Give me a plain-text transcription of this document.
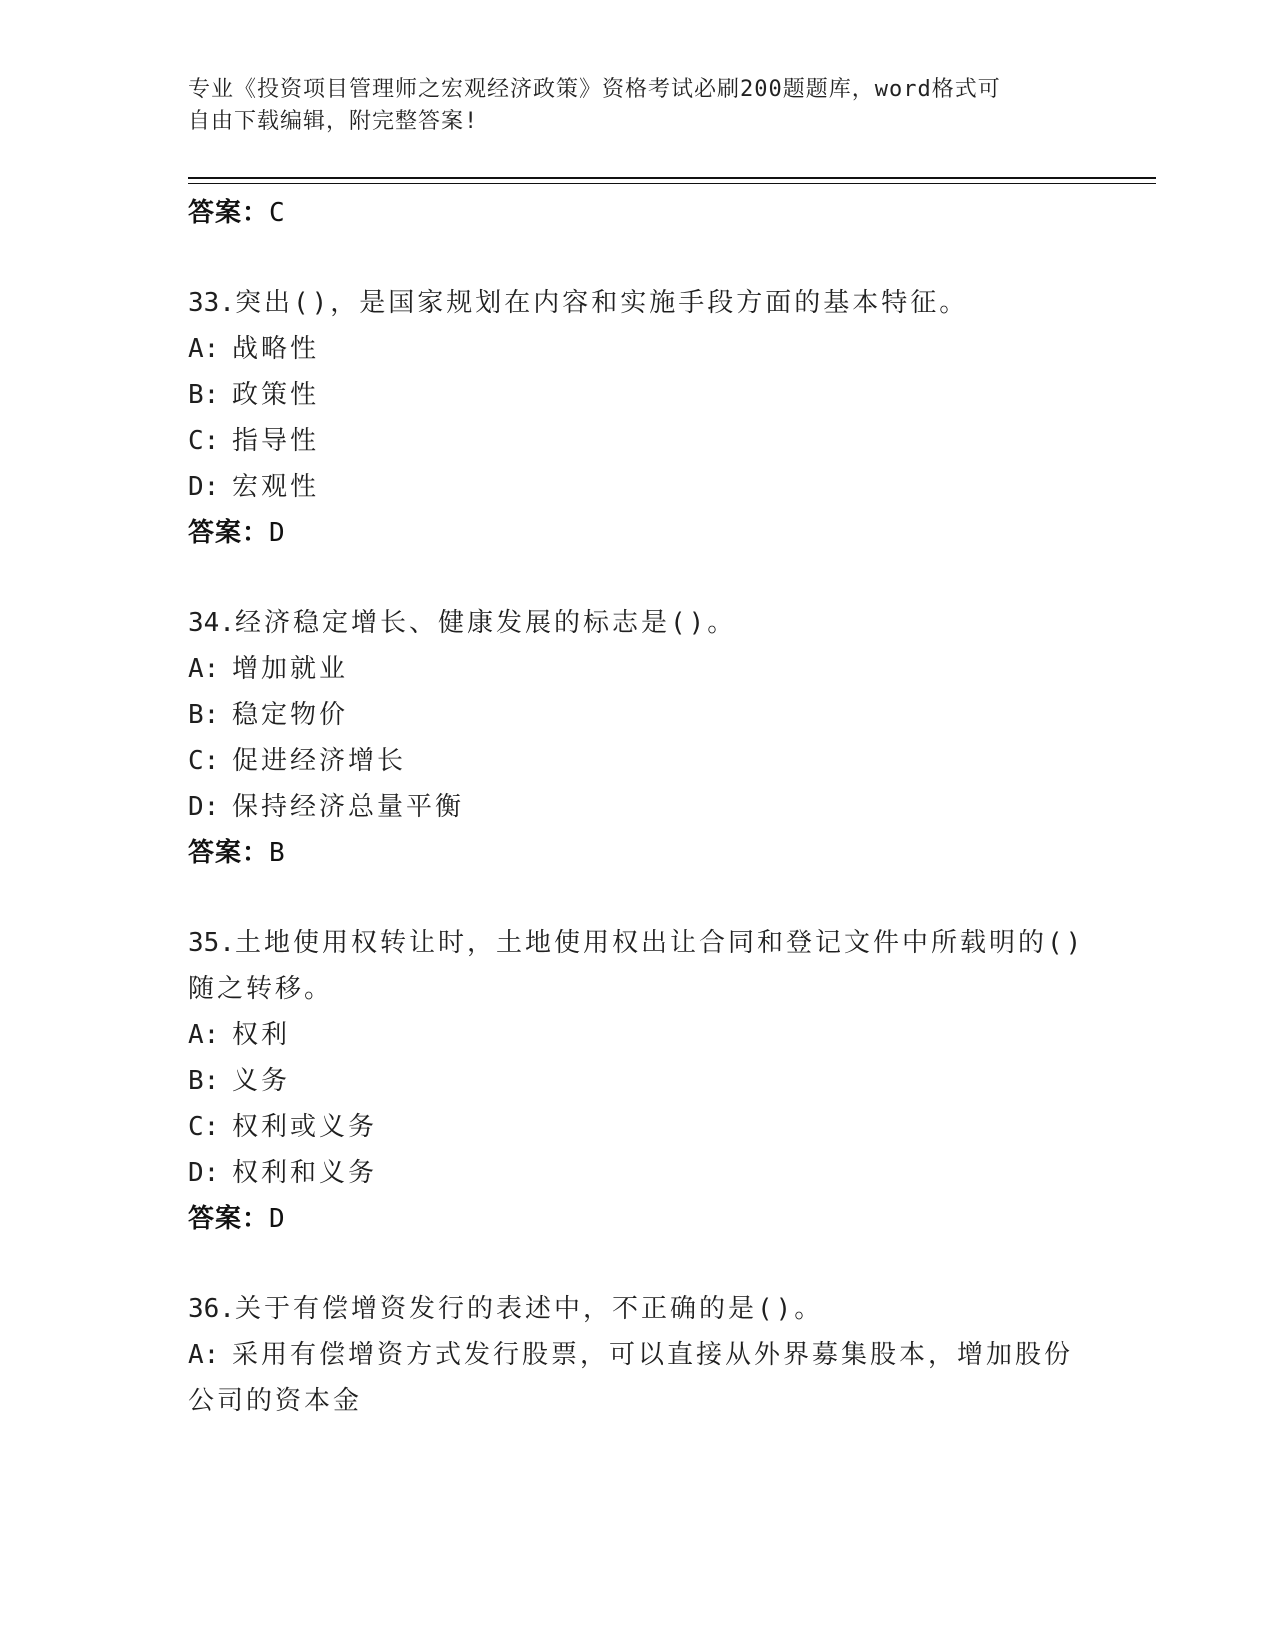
专业《投资项目管理师之宏观经济政策》资格考试必刷200题题库，word格式可
自由下载编辑，附完整答案!
答案：C
33.突出()，是国家规划在内容和实施手段方面的基本特征。
A: 战略性
B: 政策性
C: 指导性
D: 宏观性
答案：D
34.经济稳定增长、健康发展的标志是()。
A: 增加就业
B: 稳定物价
C: 促进经济增长
D: 保持经济总量平衡
答案：B
35.土地使用权转让时，土地使用权出让合同和登记文件中所载明的()
随之转移。
A: 权利
B: 义务
C: 权利或义务
D: 权利和义务
答案：D
36.关于有偿增资发行的表述中，不正确的是()。
A: 采用有偿增资方式发行股票，可以直接从外界募集股本，增加股份
公司的资本金
